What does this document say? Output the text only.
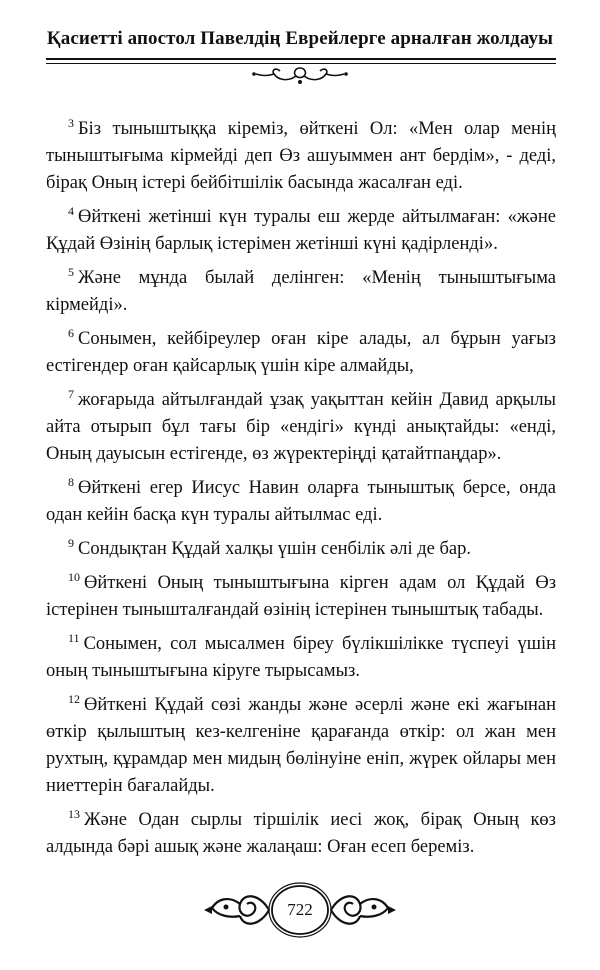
Қасиетті апостол Павелдің Еврейлерге арналған жолдауы

$^3$ Біз тыныштыққа кіреміз, өйткені Ол: «Мен олар менің тыныштығыма кірмейді деп Өз ашуыммен ант бердім», - деді, бірақ Оның істері бейбітшілік басында жасалған еді.

$^4$ Өйткені жетінші күн туралы еш жерде айтылмаған: «және Құдай Өзінің барлық істерімен жетінші күні қадірленді».

$^5$ Және мұнда былай делінген: «Менің тыныштығыма кірмейді».

$^6$ Сонымен, кейбіреулер оған кіре алады, ал бұрын уағыз естігендер оған қайсарлық үшін кіре алмайды,

$^7$ жоғарыда айтылғандай ұзақ уақыттан кейін Давид арқылы айта отырып бұл тағы бір «ендігі» күнді анықтайды: «енді, Оның дауысын естігенде, өз жүректеріңді қатайтпаңдар».

$^8$ Өйткені егер Иисус Навин оларға тыныштық берсе, онда одан кейін басқа күн туралы айтылмас еді.

$^9$ Сондықтан Құдай халқы үшін сенбілік әлі де бар.

$^{10}$ Өйткені Оның тыныштығына кірген адам ол Құдай Өз істерінен тынышталғандай өзінің істерінен тыныштық табады.

$^{11}$ Сонымен, сол мысалмен біреу бүлікшілікке түспеуі үшін оның тыныштығына кіруге тырысамыз.

$^{12}$ Өйткені Құдай сөзі жанды және әсерлі және екі жағынан өткір қылыштың кез-келгеніне қарағанда өткір: ол жан мен рухтың, құрамдар мен мидың бөлінуіне еніп, жүрек ойлары мен ниеттерін бағалайды.

$^{13}$ Және Одан сырлы тіршілік иесі жоқ, бірақ Оның көз алдында бәрі ашық және жалаңаш: Оған есеп береміз.

722
